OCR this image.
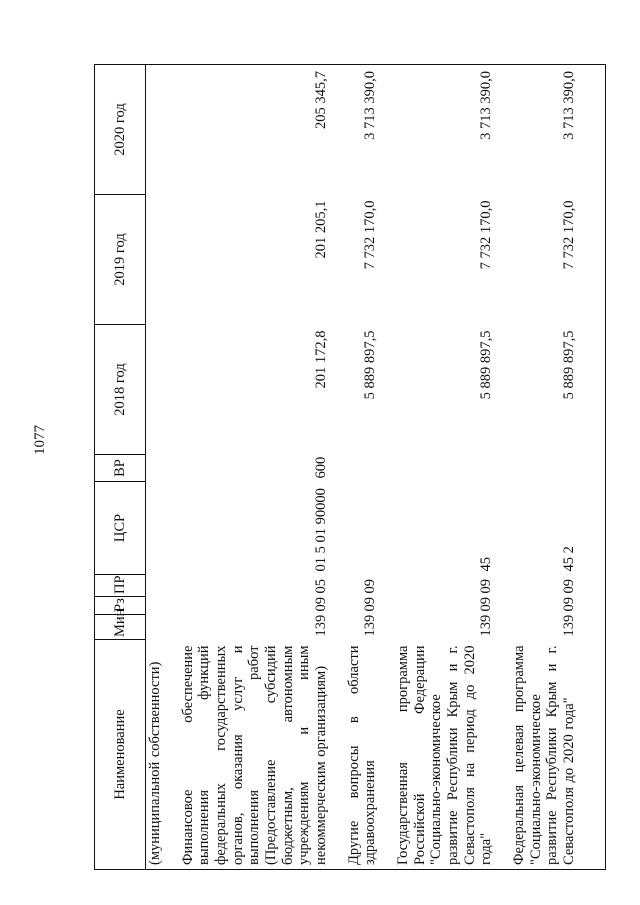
1077
Наименование	Мин	Рз	ПР	ЦСР	ВР	2018 год	2019 год	2020 год
(муниципальной собственности)								

Финансовое обеспечение выполнения функций федеральных государственных органов, оказания услуг и выполнения работ (Предоставление субсидий бюджетным, автономным учреждениям и иным некоммерческим организациям)	139	09	05	01 5 01 90000	600	201 172,8	201 205,1	205 345,7

Другие вопросы в области здравоохранения	139	09	09			5 889 897,5	7 732 170,0	3 713 390,0

Государственная программа Российской Федерации "Социально-экономическое развитие Республики Крым и г. Севастополя на период до 2020 года"	139	09	09	45		5 889 897,5	7 732 170,0	3 713 390,0

Федеральная целевая программа "Социально-экономическое развитие Республики Крым и г. Севастополя до 2020 года"	139	09	09	45 2		5 889 897,5	7 732 170,0	3 713 390,0
